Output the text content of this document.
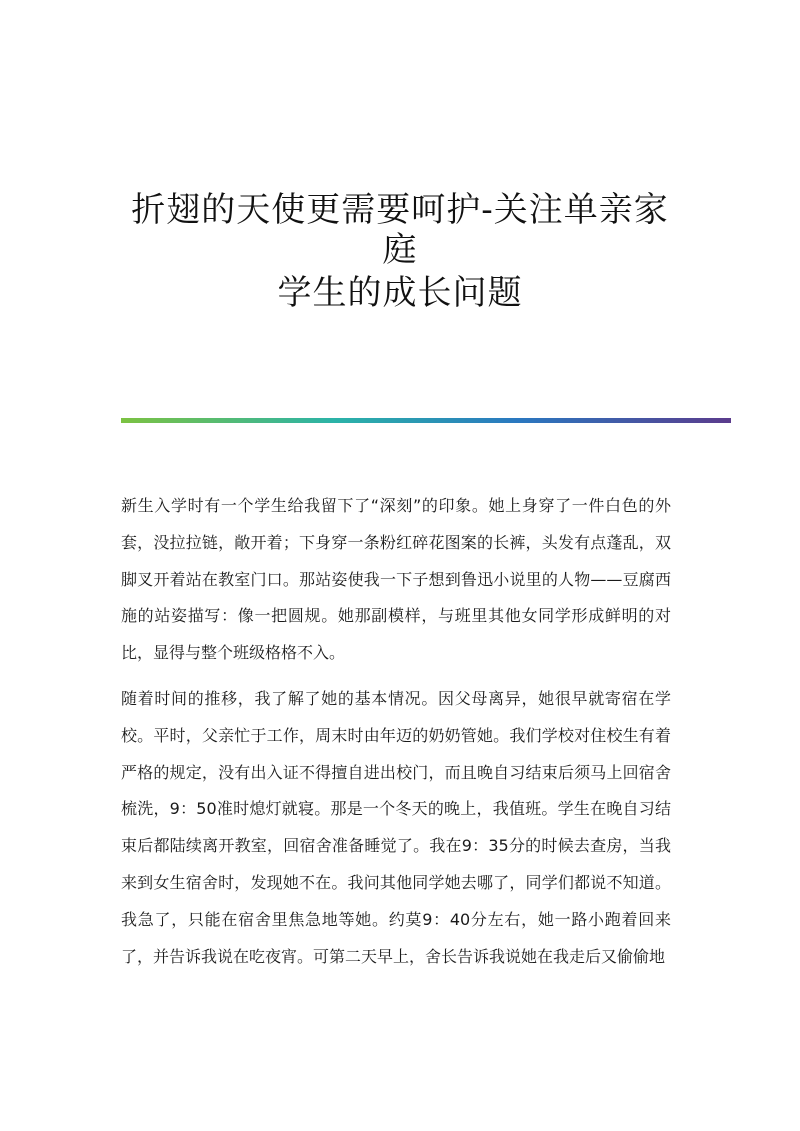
折翅的天使更需要呵护-关注单亲家庭
学生的成长问题

新生入学时有一个学生给我留下了“深刻”的印象。她上身穿了一件白色的外套，没拉拉链，敞开着；下身穿一条粉红碎花图案的长裤，头发有点蓬乱，双脚叉开着站在教室门口。那站姿使我一下子想到鲁迅小说里的人物——豆腐西施的站姿描写：像一把圆规。她那副模样，与班里其他女同学形成鲜明的对比，显得与整个班级格格不入。

随着时间的推移，我了解了她的基本情况。因父母离异，她很早就寄宿在学校。平时，父亲忙于工作，周末时由年迈的奶奶管她。我们学校对住校生有着严格的规定，没有出入证不得擅自进出校门，而且晚自习结束后须马上回宿舍梳洗，9：50准时熄灯就寝。那是一个冬天的晚上，我值班。学生在晚自习结束后都陆续离开教室，回宿舍准备睡觉了。我在9：35分的时候去查房，当我来到女生宿舍时，发现她不在。我问其他同学她去哪了，同学们都说不知道。我急了，只能在宿舍里焦急地等她。约莫9：40分左右，她一路小跑着回来了，并告诉我说在吃夜宵。可第二天早上，舍长告诉我说她在我走后又偷偷地
